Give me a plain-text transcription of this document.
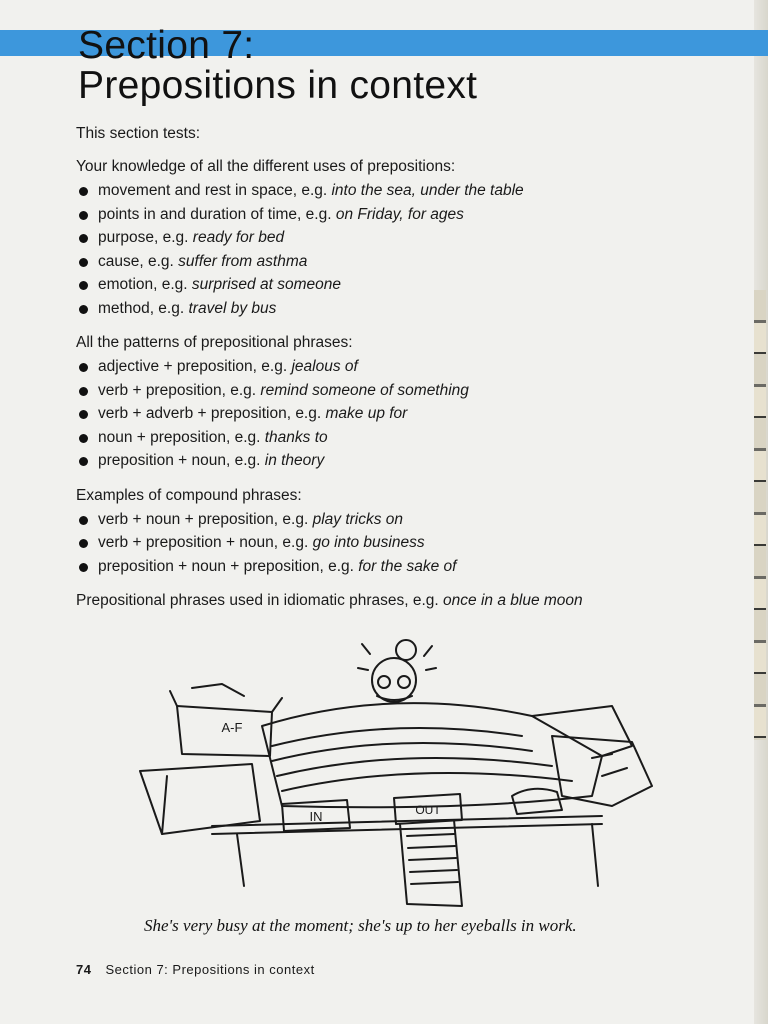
Section 7:
Prepositions in context

This section tests:

Your knowledge of all the different uses of prepositions:

movement and rest in space, e.g. into the sea, under the table
points in and duration of time, e.g. on Friday, for ages
purpose, e.g. ready for bed
cause, e.g. suffer from asthma
emotion, e.g. surprised at someone
method, e.g. travel by bus

All the patterns of prepositional phrases:

adjective + preposition, e.g. jealous of
verb + preposition, e.g. remind someone of something
verb + adverb + preposition, e.g. make up for
noun + preposition, e.g. thanks to
preposition + noun, e.g. in theory

Examples of compound phrases:

verb + noun + preposition, e.g. play tricks on
verb + preposition + noun, e.g. go into business
preposition + noun + preposition, e.g. for the sake of

Prepositional phrases used in idiomatic phrases, e.g. once in a blue moon

A-F
IN	OUT

She's very busy at the moment; she's up to her eyeballs in work.

74 Section 7: Prepositions in context
